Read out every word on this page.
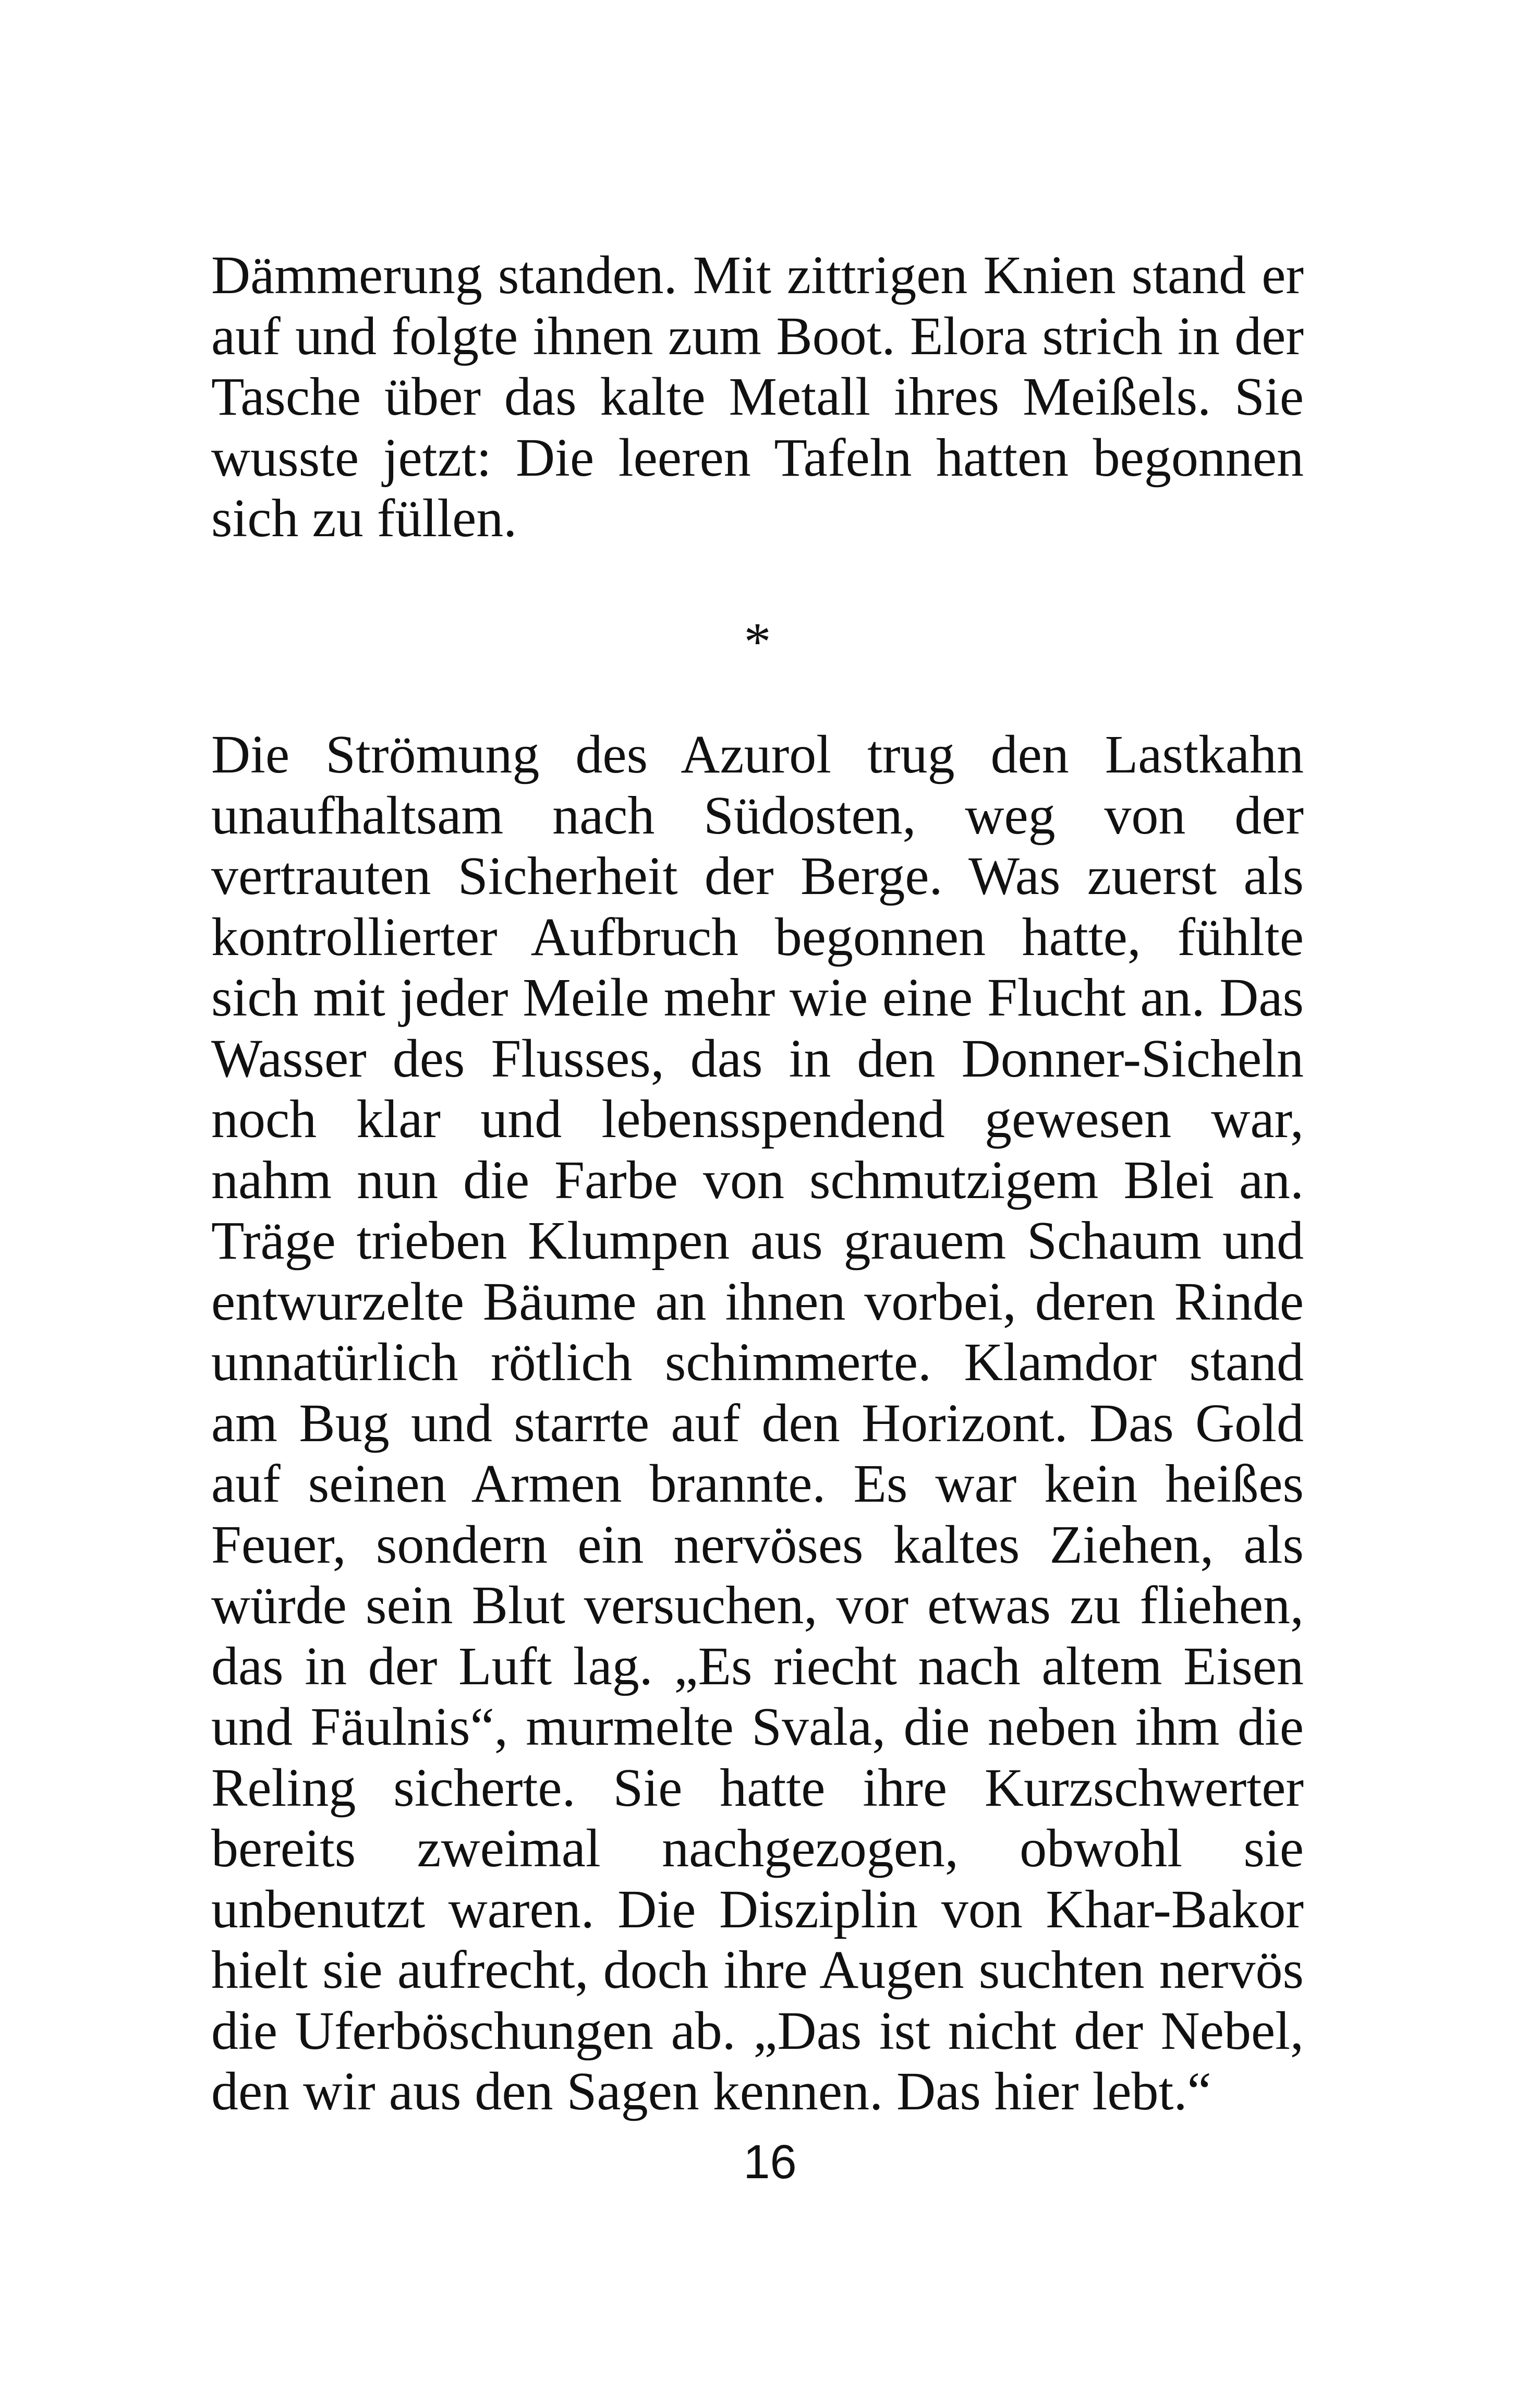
Dämmerung standen. Mit zittrigen Knien stand er auf und folgte ihnen zum Boot. Elora strich in der Tasche über das kalte Metall ihres Meißels. Sie wusste jetzt: Die leeren Tafeln hatten begonnen sich zu füllen.

*

Die Strömung des Azurol trug den Lastkahn unaufhaltsam nach Südosten, weg von der vertrauten Sicherheit der Berge. Was zuerst als kontrollierter Aufbruch begonnen hatte, fühlte sich mit jeder Meile mehr wie eine Flucht an. Das Wasser des Flusses, das in den Donner-Sicheln noch klar und lebensspendend gewesen war, nahm nun die Farbe von schmutzigem Blei an. Träge trieben Klumpen aus grauem Schaum und entwurzelte Bäume an ihnen vorbei, deren Rinde unnatürlich rötlich schimmerte. Klamdor stand am Bug und starrte auf den Horizont. Das Gold auf seinen Armen brannte. Es war kein heißes Feuer, sondern ein nervöses kaltes Ziehen, als würde sein Blut versuchen, vor etwas zu fliehen, das in der Luft lag. „Es riecht nach altem Eisen und Fäulnis“, murmelte Svala, die neben ihm die Reling sicherte. Sie hatte ihre Kurzschwerter bereits zweimal nachgezogen, obwohl sie unbenutzt waren. Die Disziplin von Khar-Bakor hielt sie aufrecht, doch ihre Augen suchten nervös die Uferböschungen ab. „Das ist nicht der Nebel, den wir aus den Sagen kennen. Das hier lebt.“

16
